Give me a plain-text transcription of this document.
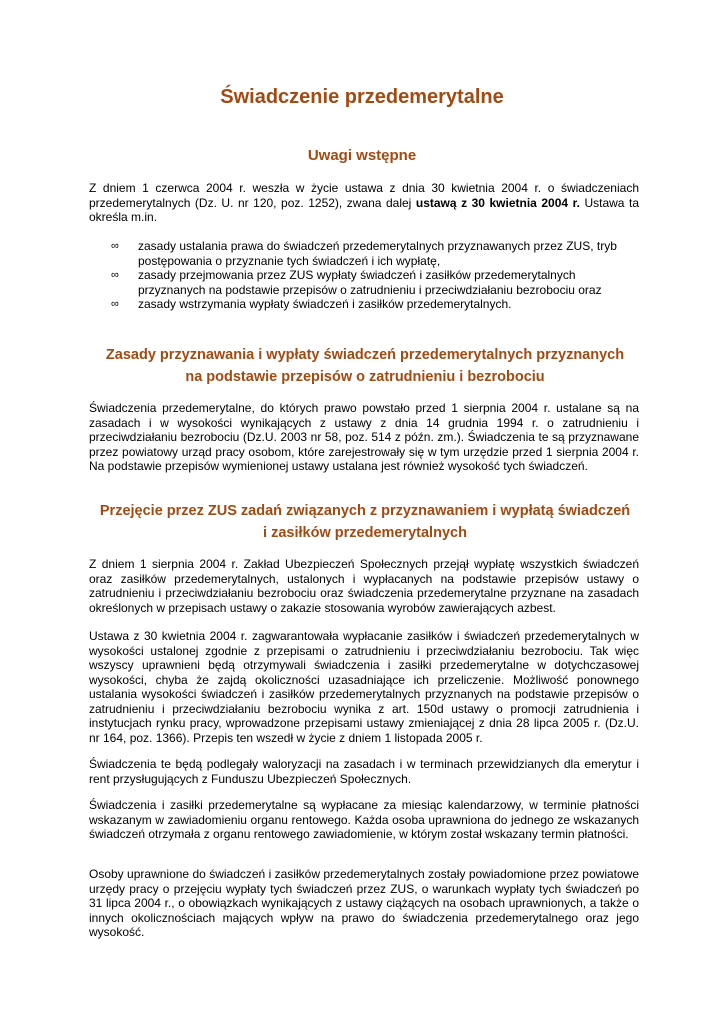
Świadczenie przedemerytalne
Uwagi wstępne
Z dniem 1 czerwca 2004 r. weszła w życie ustawa z dnia 30 kwietnia 2004 r. o świadczeniach przedemerytalnych (Dz. U. nr 120, poz. 1252), zwana dalej ustawą z 30 kwietnia 2004 r. Ustawa ta określa m.in.
∞ zasady ustalania prawa do świadczeń przedemerytalnych przyznawanych przez ZUS, tryb postępowania o przyznanie tych świadczeń i ich wypłatę,
∞ zasady przejmowania przez ZUS wypłaty świadczeń i zasiłków przedemerytalnych przyznanych na podstawie przepisów o zatrudnieniu i przeciwdziałaniu bezrobociu oraz
∞ zasady wstrzymania wypłaty świadczeń i zasiłków przedemerytalnych.
Zasady przyznawania i wypłaty świadczeń przedemerytalnych przyznanych
na podstawie przepisów o zatrudnieniu i bezrobociu
Świadczenia przedemerytalne, do których prawo powstało przed 1 sierpnia 2004 r. ustalane są na zasadach i w wysokości wynikających z ustawy z dnia 14 grudnia 1994 r. o zatrudnieniu i przeciwdziałaniu bezrobociu (Dz.U. 2003 nr 58, poz. 514 z późn. zm.). Świadczenia te są przyznawane przez powiatowy urząd pracy osobom, które zarejestrowały się w tym urzędzie przed 1 sierpnia 2004 r. Na podstawie przepisów wymienionej ustawy ustalana jest również wysokość tych świadczeń.
Przejęcie przez ZUS zadań związanych z przyznawaniem i wypłatą świadczeń
i zasiłków przedemerytalnych
Z dniem 1 sierpnia 2004 r. Zakład Ubezpieczeń Społecznych przejął wypłatę wszystkich świadczeń oraz zasiłków przedemerytalnych, ustalonych i wypłacanych na podstawie przepisów ustawy o zatrudnieniu i przeciwdziałaniu bezrobociu oraz świadczenia przedemerytalne przyznane na zasadach określonych w przepisach ustawy o zakazie stosowania wyrobów zawierających azbest.
Ustawa z 30 kwietnia 2004 r. zagwarantowała wypłacanie zasiłków i świadczeń przedemerytalnych w wysokości ustalonej zgodnie z przepisami o zatrudnieniu i przeciwdziałaniu bezrobociu. Tak więc wszyscy uprawnieni będą otrzymywali świadczenia i zasiłki przedemerytalne w dotychczasowej wysokości, chyba że zajdą okoliczności uzasadniające ich przeliczenie. Możliwość ponownego ustalania wysokości świadczeń i zasiłków przedemerytalnych przyznanych na podstawie przepisów o zatrudnieniu i przeciwdziałaniu bezrobociu wynika z art. 150d ustawy o promocji zatrudnienia i instytucjach rynku pracy, wprowadzone przepisami ustawy zmieniającej z dnia 28 lipca 2005 r. (Dz.U. nr 164, poz. 1366). Przepis ten wszedł w życie z dniem 1 listopada 2005 r.
Świadczenia te będą podlegały waloryzacji na zasadach i w terminach przewidzianych dla emerytur i rent przysługujących z Funduszu Ubezpieczeń Społecznych.
Świadczenia i zasiłki przedemerytalne są wypłacane za miesiąc kalendarzowy, w terminie płatności wskazanym w zawiadomieniu organu rentowego. Każda osoba uprawniona do jednego ze wskazanych świadczeń otrzymała z organu rentowego zawiadomienie, w którym został wskazany termin płatności.
Osoby uprawnione do świadczeń i zasiłków przedemerytalnych zostały powiadomione przez powiatowe urzędy pracy o przejęciu wypłaty tych świadczeń przez ZUS, o warunkach wypłaty tych świadczeń po 31 lipca 2004 r., o obowiązkach wynikających z ustawy ciążących na osobach uprawnionych, a także o innych okolicznościach mających wpływ na prawo do świadczenia przedemerytalnego oraz jego wysokość.
